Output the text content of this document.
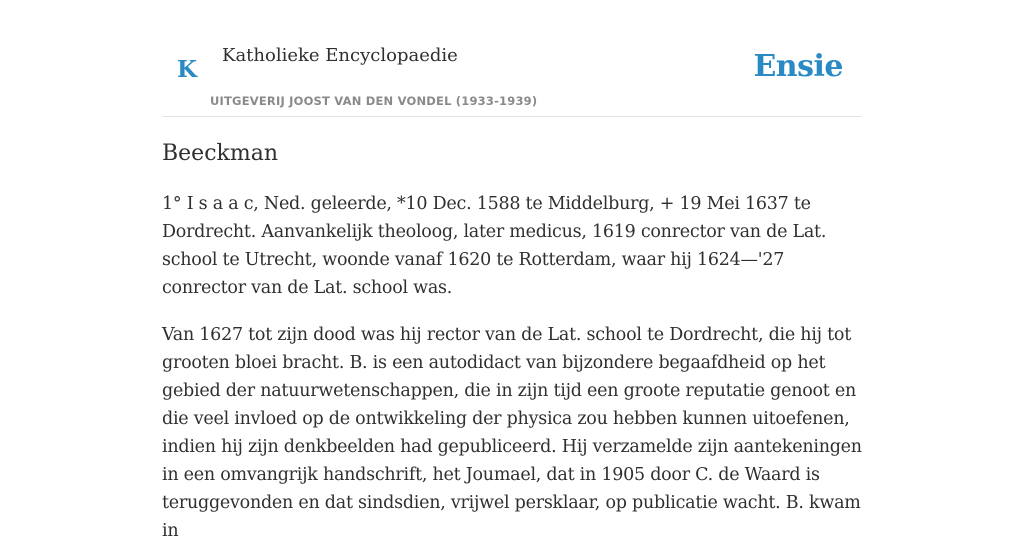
K
Katholieke Encyclopaedie
UITGEVERIJ JOOST VAN DEN VONDEL (1933-1939)
Ensie
Beeckman

1° I s a a c, Ned. geleerde, *10 Dec. 1588 te Middelburg, + 19 Mei 1637 te Dordrecht. Aanvankelijk theoloog, later medicus, 1619 conrector van de Lat. school te Utrecht, woonde vanaf 1620 te Rotterdam, waar hij 1624—'27 conrector van de Lat. school was.

Van 1627 tot zijn dood was hij rector van de Lat. school te Dordrecht, die hij tot grooten bloei bracht. B. is een autodidact van bijzondere begaafdheid op het gebied der natuurwetenschappen, die in zijn tijd een groote reputatie genoot en die veel invloed op de ontwikkeling der physica zou hebben kunnen uitoefenen, indien hij zijn denkbeelden had gepubliceerd. Hij verzamelde zijn aantekeningen in een omvangrijk handschrift, het Joumael, dat in 1905 door C. de Waard is teruggevonden en dat sindsdien, vrijwel persklaar, op publicatie wacht. B. kwam in
